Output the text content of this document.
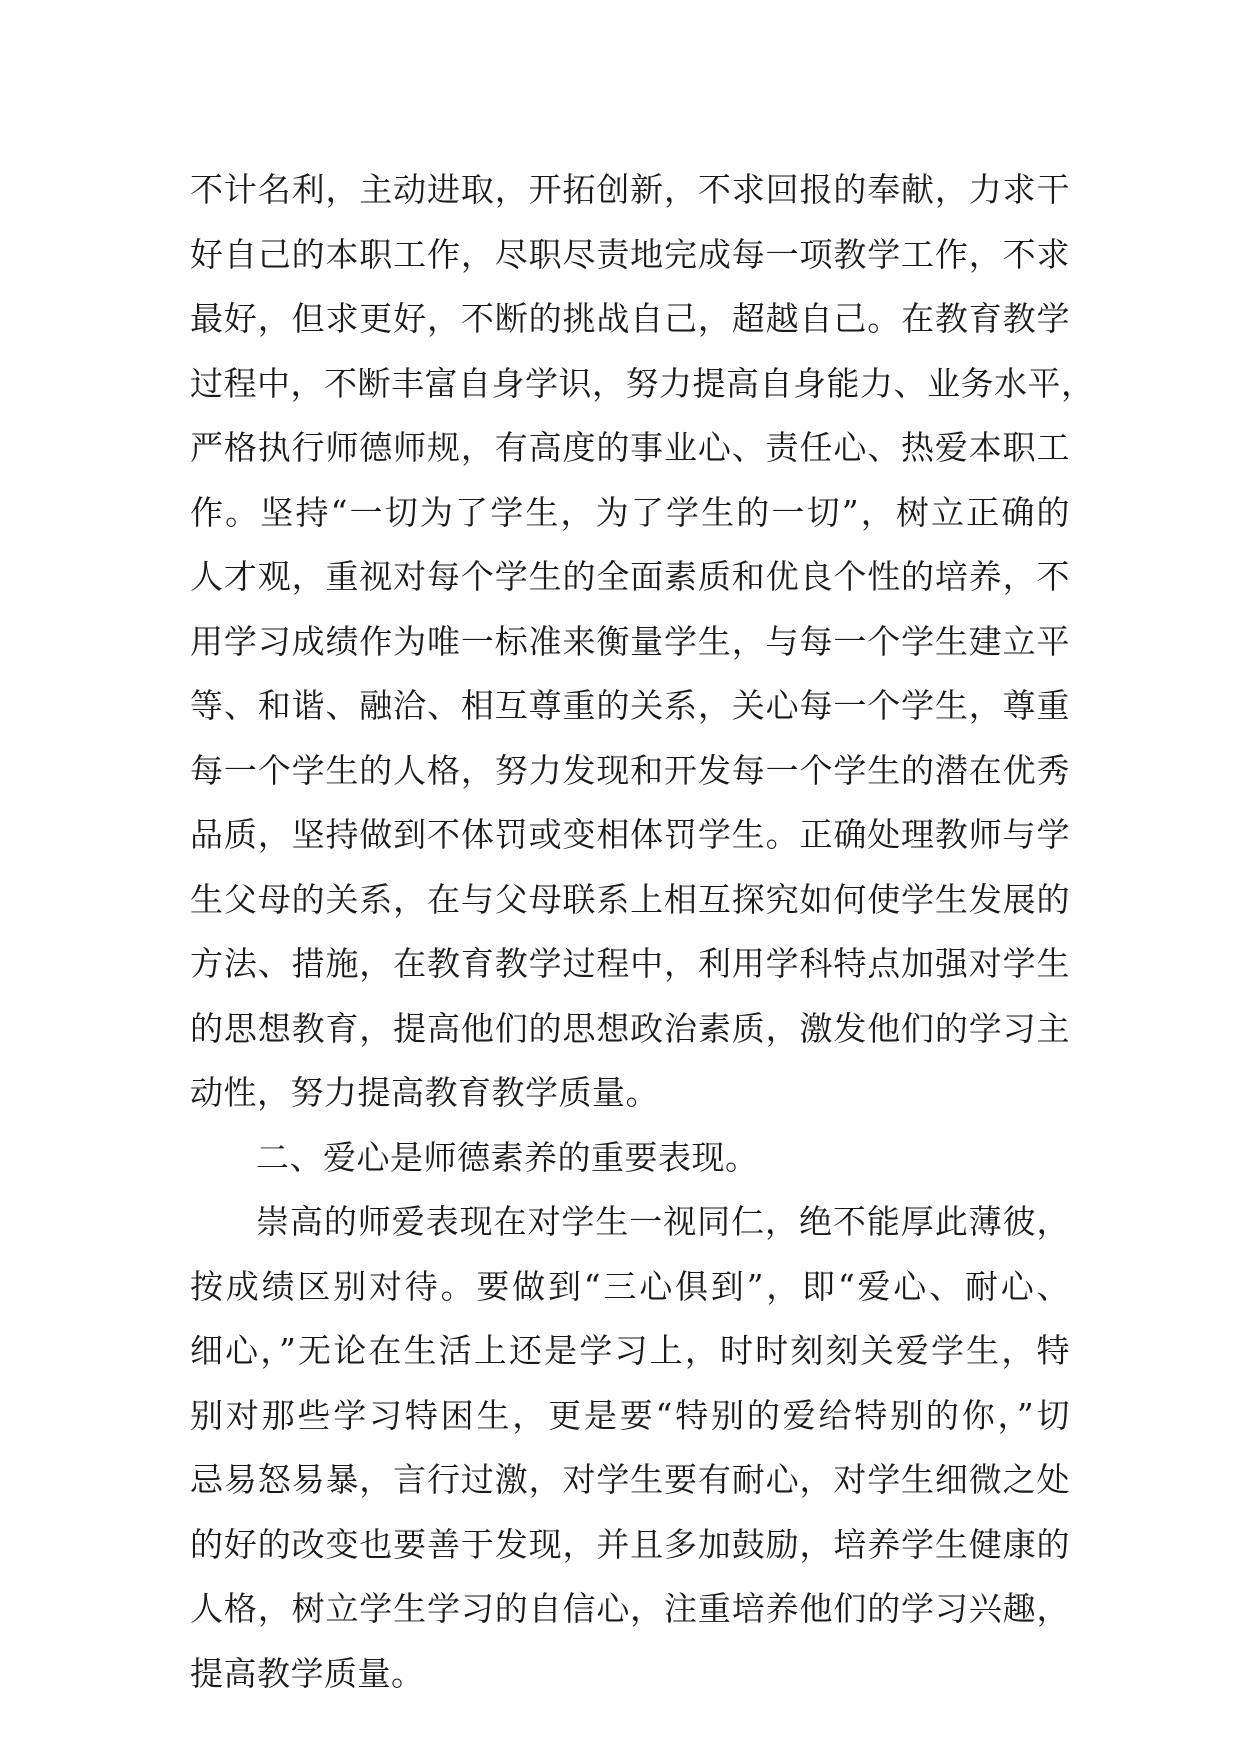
不计名利，主动进取，开拓创新，不求回报的奉献，力求干
好自己的本职工作，尽职尽责地完成每一项教学工作，不求
最好，但求更好，不断的挑战自己，超越自己。在教育教学
过程中，不断丰富自身学识，努力提高自身能力、业务水平，
严格执行师德师规，有高度的事业心、责任心、热爱本职工
作。坚持“一切为了学生，为了学生的一切”，树立正确的
人才观，重视对每个学生的全面素质和优良个性的培养，不
用学习成绩作为唯一标准来衡量学生，与每一个学生建立平
等、和谐、融洽、相互尊重的关系，关心每一个学生，尊重
每一个学生的人格，努力发现和开发每一个学生的潜在优秀
品质，坚持做到不体罚或变相体罚学生。正确处理教师与学
生父母的关系，在与父母联系上相互探究如何使学生发展的
方法、措施，在教育教学过程中，利用学科特点加强对学生
的思想教育，提高他们的思想政治素质，激发他们的学习主
动性，努力提高教育教学质量。
二、爱心是师德素养的重要表现。
崇高的师爱表现在对学生一视同仁，绝不能厚此薄彼，
按成绩区别对待。要做到“三心俱到”，即“爱心、耐心、
细心，”无论在生活上还是学习上，时时刻刻关爱学生，特
别对那些学习特困生，更是要“特别的爱给特别的你，”切
忌易怒易暴，言行过激，对学生要有耐心，对学生细微之处
的好的改变也要善于发现，并且多加鼓励，培养学生健康的
人格，树立学生学习的自信心，注重培养他们的学习兴趣，
提高教学质量。
